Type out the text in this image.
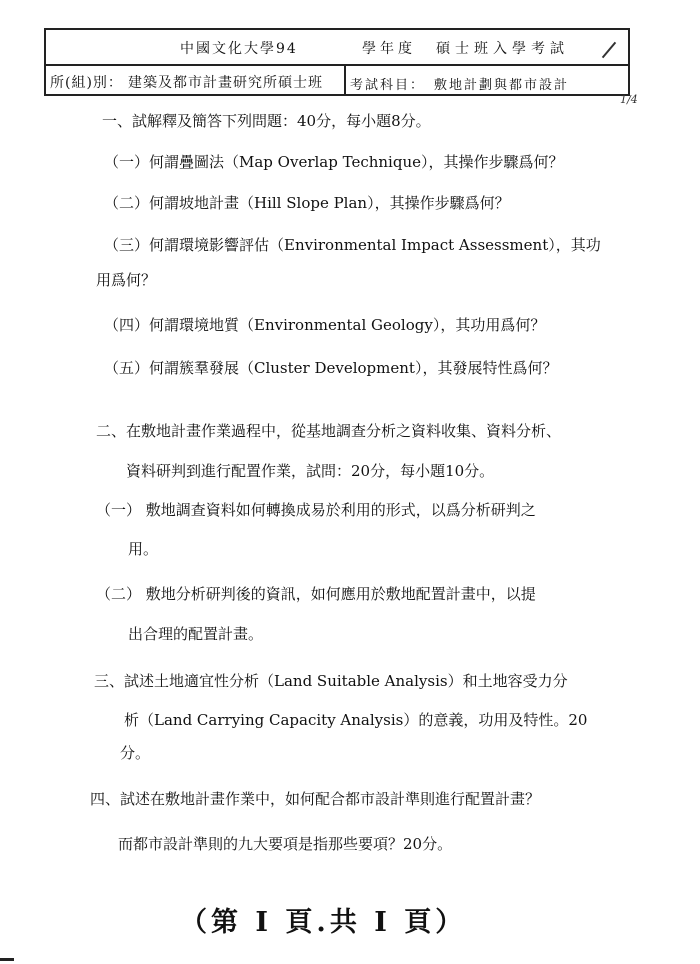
中國文化大學94	學年度 碩士班入學考試
所(組)別： 建築及都市計畫研究所碩士班 考試科目： 敷地計劃與都市設計
1/4
一、試解釋及簡答下列問題：40分，每小題8分。
（一）何謂疊圖法（Map Overlap Technique），其操作步驟爲何？
（二）何謂坡地計畫（Hill Slope Plan），其操作步驟爲何？
（三）何謂環境影響評估（Environmental Impact Assessment），其功
用爲何？
（四）何謂環境地質（Environmental Geology），其功用爲何？
（五）何謂簇羣發展（Cluster Development），其發展特性爲何？
二、在敷地計畫作業過程中，從基地調查分析之資料收集、資料分析、
資料研判到進行配置作業，試問：20分，每小題10分。
（一） 敷地調查資料如何轉換成易於利用的形式，以爲分析研判之
用。
（二） 敷地分析研判後的資訊，如何應用於敷地配置計畫中，以提
出合理的配置計畫。
三、試述土地適宜性分析（Land Suitable Analysis）和土地容受力分
析（Land Carrying Capacity Analysis）的意義，功用及特性。20
分。
四、試述在敷地計畫作業中，如何配合都市設計準則進行配置計畫？
而都市設計準則的九大要項是指那些要項？20分。
（第 I 頁.共 I 頁）
